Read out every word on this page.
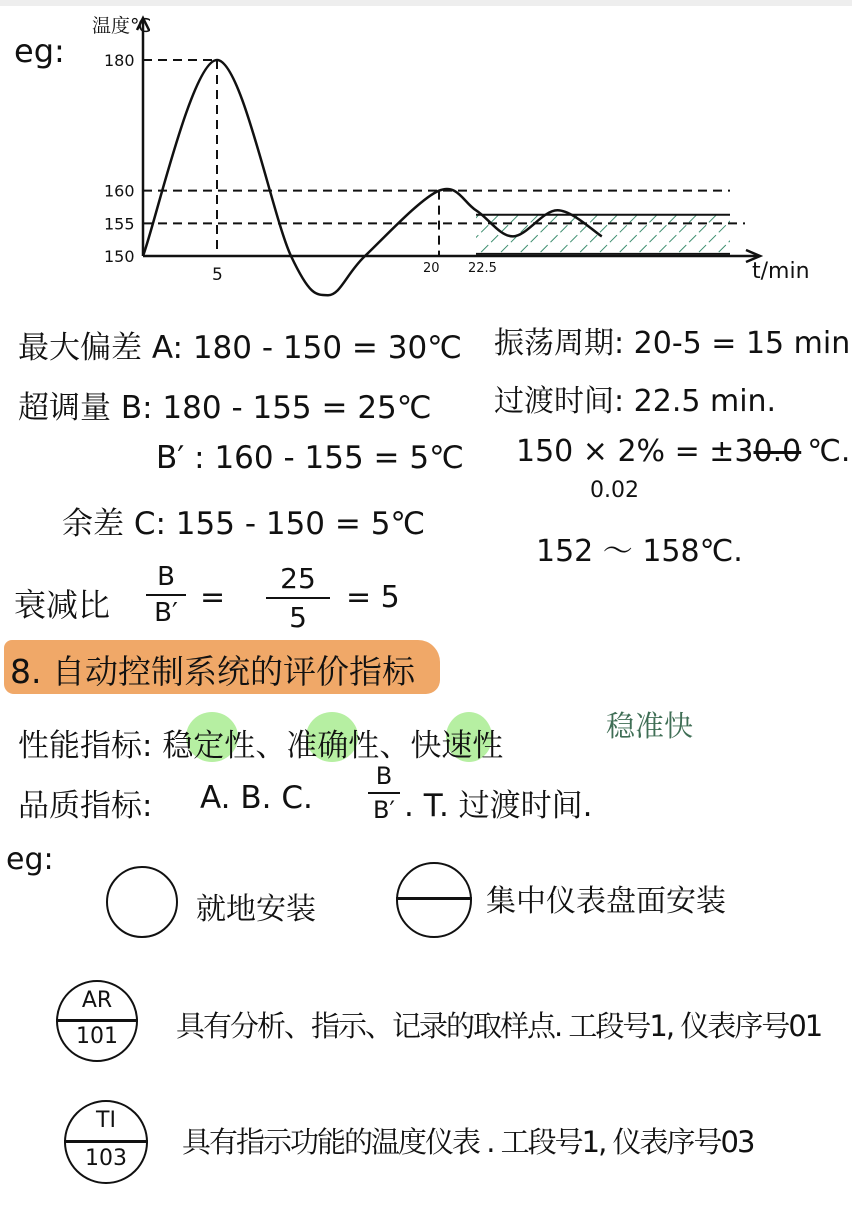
eg: 180
160
155
150
5	20 22.5
温度℃
t/min
最大偏差 A: 180 - 150 = 30℃
超调量 B: 180 - 155 = 25℃
B′ : 160 - 155 = 5℃
余差 C: 155 - 150 = 5℃
衰减比
B
B′ =
25
5
= 5
振荡周期: 20-5 = 15 min
过渡时间: 22.5 min.
150 × 2% = ±30.0 ℃.
0.02
152 ～ 158℃.
8. 自动控制系统的评价指标
性能指标: 稳定性、准确性、快速性
稳准快
品质指标: A. B. C.
B
B′ . T. 过渡时间.
eg:
就地安装	集中仪表盘面安装
AR
101	具有分析、指示、记录的取样点. 工段号1, 仪表序号01
TI
103	具有指示功能的温度仪表 . 工段号1, 仪表序号03
